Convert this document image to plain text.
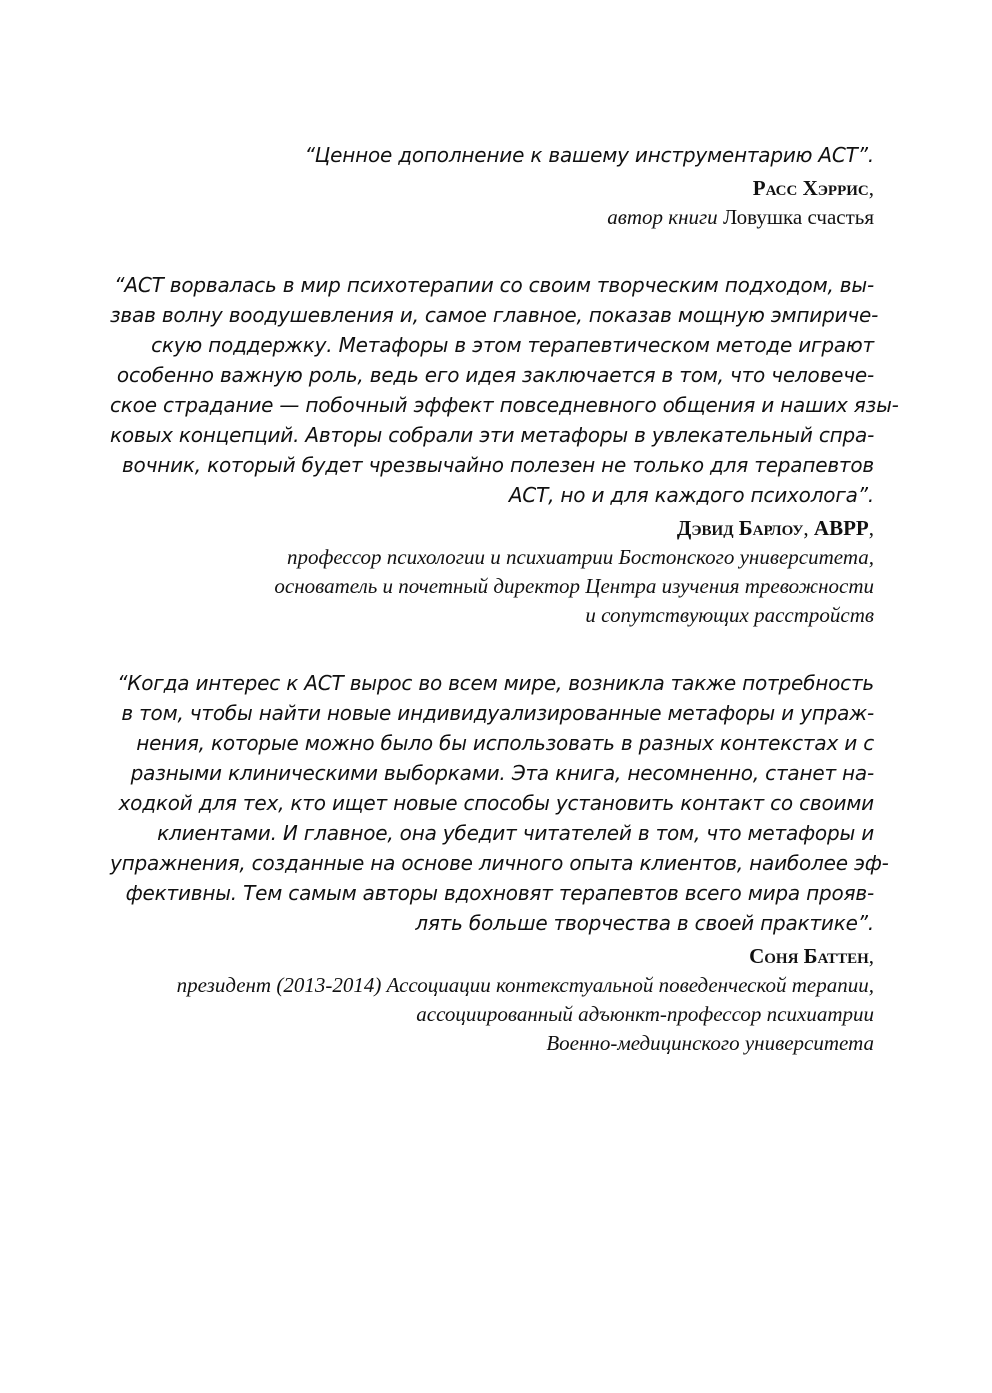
“Ценное дополнение к вашему инструментарию АСТ”.
Расс Хэррис,
автор книги Ловушка счастья
“АСТ ворвалась в мир психотерапии со своим творческим подходом, вы-
звав волну воодушевления и, самое главное, показав мощную эмпириче-
скую поддержку. Метафоры в этом терапевтическом методе играют
особенно важную роль, ведь его идея заключается в том, что человече-
ское страдание — побочный эффект повседневного общения и наших язы-
ковых концепций. Авторы собрали эти метафоры в увлекательный спра-
вочник, который будет чрезвычайно полезен не только для терапевтов
АСТ, но и для каждого психолога”.
Дэвид Барлоу, ABPP,
профессор психологии и психиатрии Бостонского университета,
основатель и почетный директор Центра изучения тревожности
и сопутствующих расстройств
“Когда интерес к АСТ вырос во всем мире, возникла также потребность
в том, чтобы найти новые индивидуализированные метафоры и упраж-
нения, которые можно было бы использовать в разных контекстах и с
разными клиническими выборками. Эта книга, несомненно, станет на-
ходкой для тех, кто ищет новые способы установить контакт со своими
клиентами. И главное, она убедит читателей в том, что метафоры и
упражнения, созданные на основе личного опыта клиентов, наиболее эф-
фективны. Тем самым авторы вдохновят терапевтов всего мира прояв-
лять больше творчества в своей практике”.
Соня Баттен,
президент (2013-2014) Ассоциации контекстуальной поведенческой терапии,
ассоциированный адъюнкт-профессор психиатрии
Военно-медицинского университета
